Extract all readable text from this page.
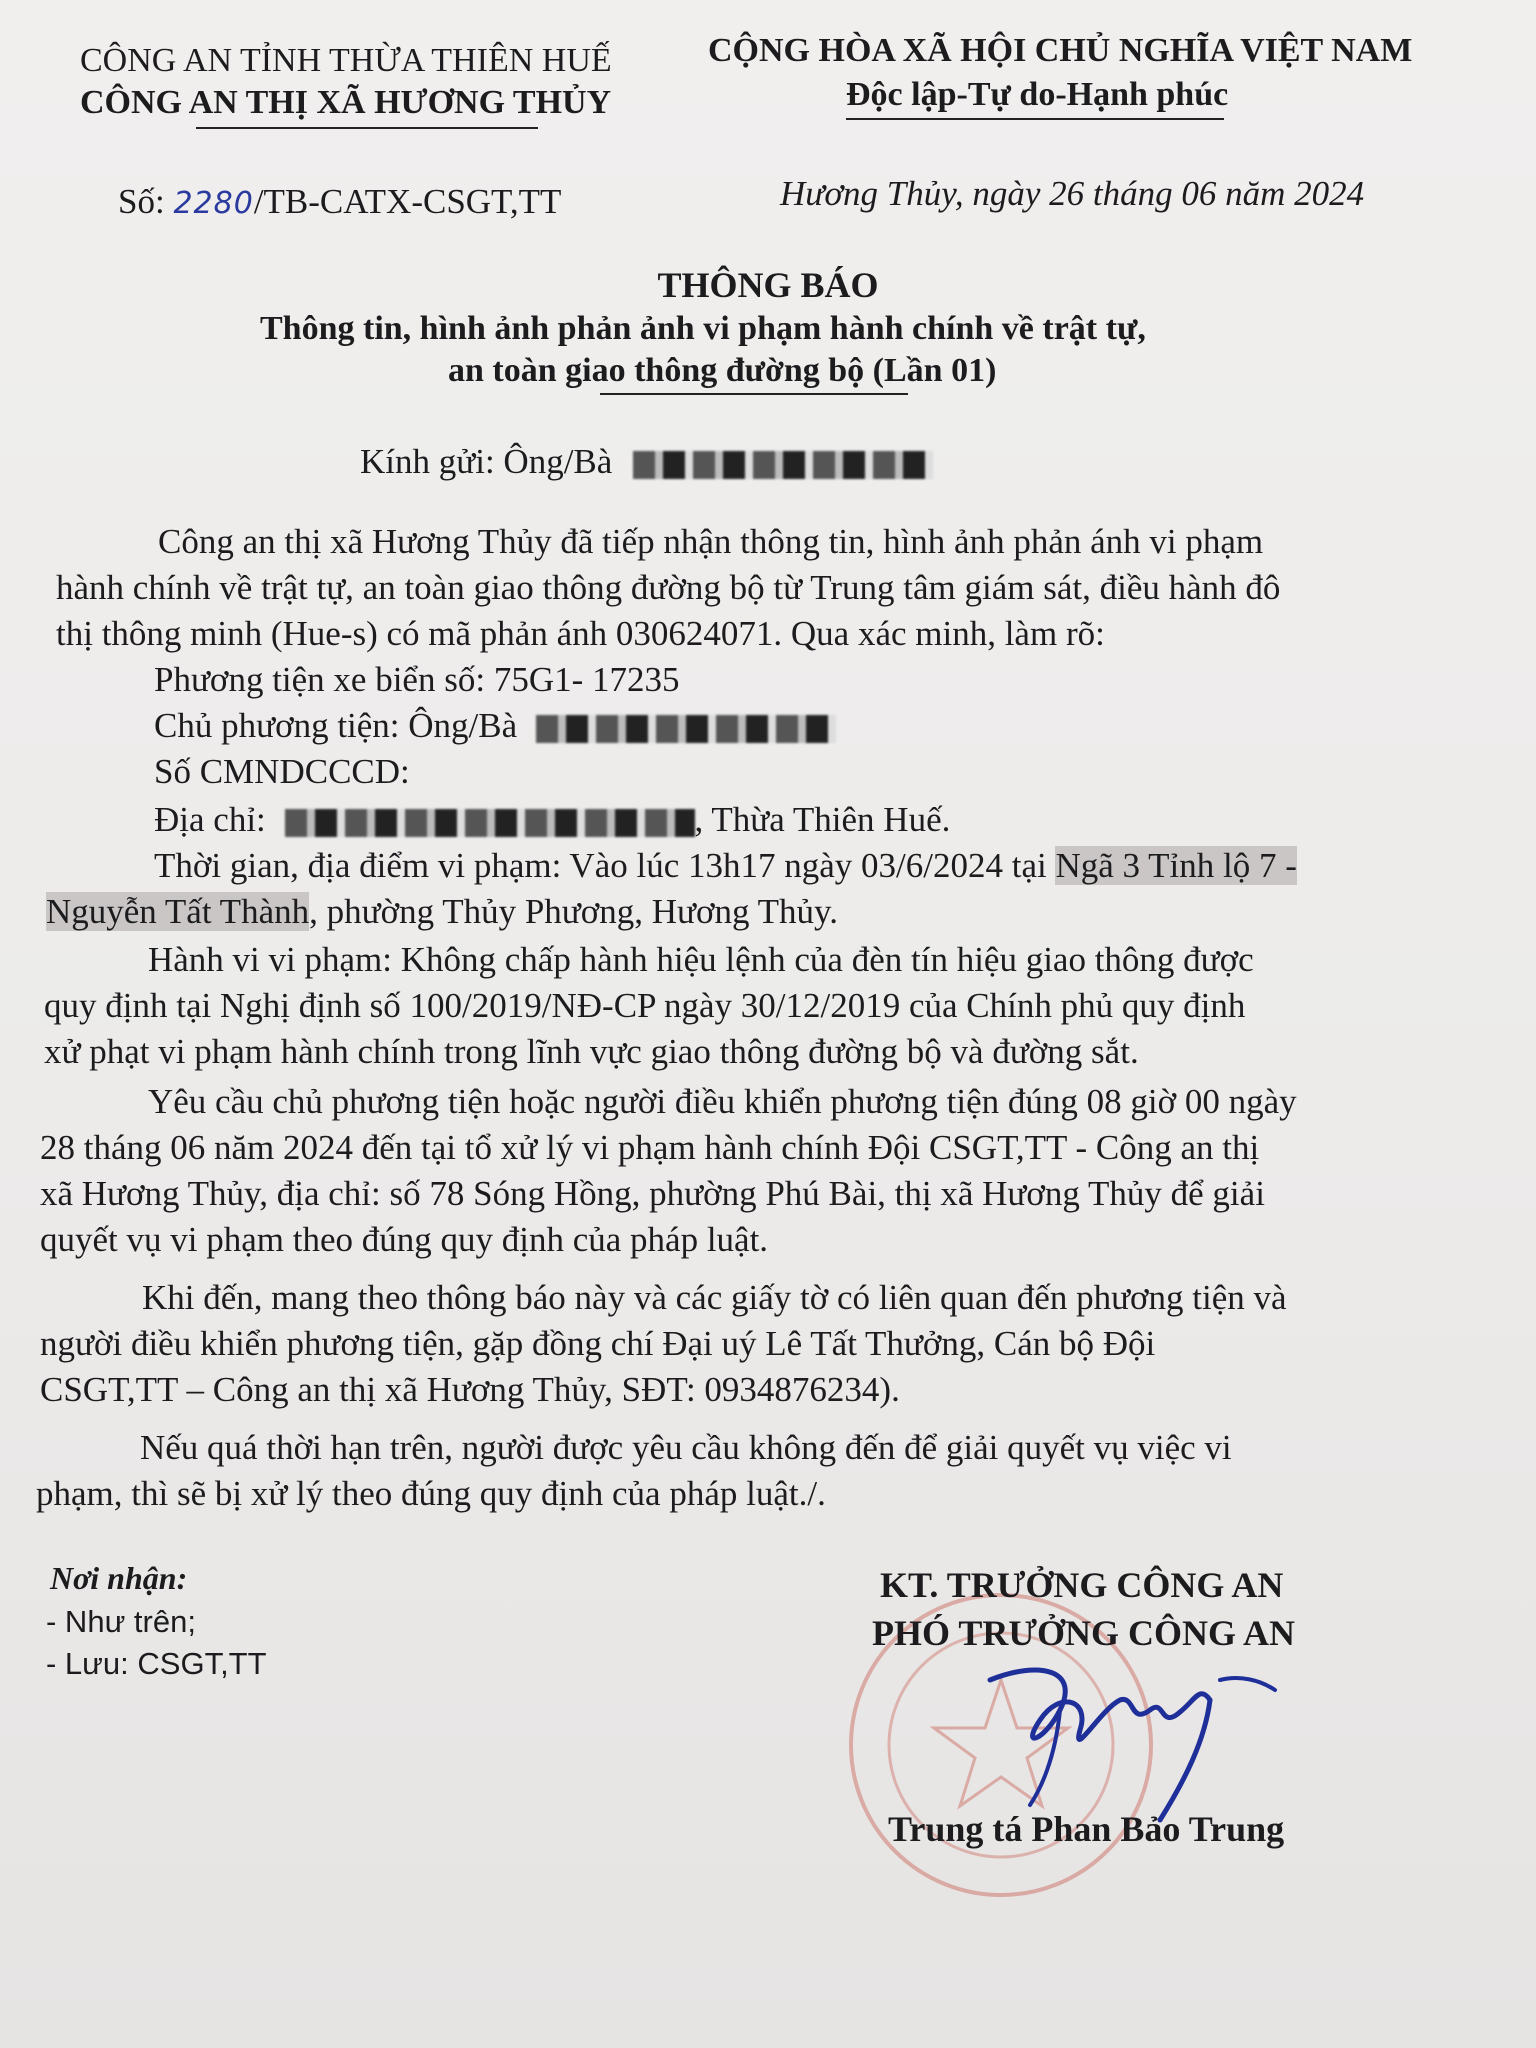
CÔNG AN TỈNH THỪA THIÊN HUẾ
CÔNG AN THỊ XÃ HƯƠNG THỦY
CỘNG HÒA XÃ HỘI CHỦ NGHĨA VIỆT NAM
Độc lập-Tự do-Hạnh phúc
Số: 2280/TB-CATX-CSGT,TT	Hương Thủy, ngày 26 tháng 06 năm 2024
THÔNG BÁO
Thông tin, hình ảnh phản ảnh vi phạm hành chính về trật tự,
an toàn giao thông đường bộ (Lần 01)
Kính gửi: Ông/Bà
Công an thị xã Hương Thủy đã tiếp nhận thông tin, hình ảnh phản ánh vi phạm
hành chính về trật tự, an toàn giao thông đường bộ từ Trung tâm giám sát, điều hành đô
thị thông minh (Hue-s) có mã phản ánh 030624071. Qua xác minh, làm rõ:
Phương tiện xe biển số: 75G1- 17235
Chủ phương tiện: Ông/Bà
Số CMNDCCCD:
Địa chỉ:	, Thừa Thiên Huế.
Thời gian, địa điểm vi phạm: Vào lúc 13h17 ngày 03/6/2024 tại Ngã 3 Tỉnh lộ 7 -
Nguyễn Tất Thành, phường Thủy Phương, Hương Thủy.
Hành vi vi phạm: Không chấp hành hiệu lệnh của đèn tín hiệu giao thông được
quy định tại Nghị định số 100/2019/NĐ-CP ngày 30/12/2019 của Chính phủ quy định
xử phạt vi phạm hành chính trong lĩnh vực giao thông đường bộ và đường sắt.
Yêu cầu chủ phương tiện hoặc người điều khiển phương tiện đúng 08 giờ 00 ngày
28 tháng 06 năm 2024 đến tại tổ xử lý vi phạm hành chính Đội CSGT,TT - Công an thị
xã Hương Thủy, địa chỉ: số 78 Sóng Hồng, phường Phú Bài, thị xã Hương Thủy để giải
quyết vụ vi phạm theo đúng quy định của pháp luật.
Khi đến, mang theo thông báo này và các giấy tờ có liên quan đến phương tiện và
người điều khiển phương tiện, gặp đồng chí Đại uý Lê Tất Thưởng, Cán bộ Đội
CSGT,TT – Công an thị xã Hương Thủy, SĐT: 0934876234).
Nếu quá thời hạn trên, người được yêu cầu không đến để giải quyết vụ việc vi
phạm, thì sẽ bị xử lý theo đúng quy định của pháp luật./.
Nơi nhận:
- Như trên;
- Lưu: CSGT,TT
KT. TRƯỞNG CÔNG AN
PHÓ TRƯỞNG CÔNG AN
Trung tá Phan Bảo Trung
